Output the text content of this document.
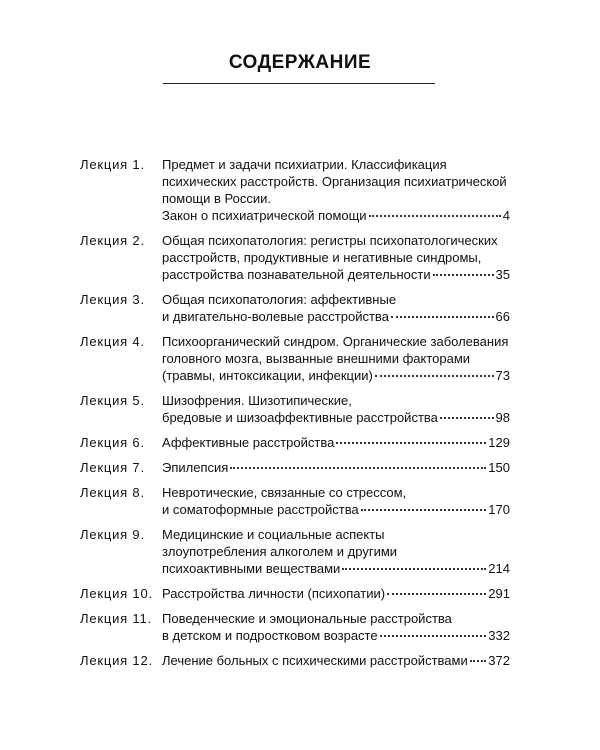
СОДЕРЖАНИЕ
Лекция 1.	Предмет и задачи психиатрии. Классификация
психических расстройств. Организация психиатрической
помощи в России.
Закон о психиатрической помощи	4
Лекция 2.	Общая психопатология: регистры психопатологических
расстройств, продуктивные и негативные синдромы,
расстройства познавательной деятельности	35
Лекция 3.	Общая психопатология: аффективные
и двигательно-волевые расстройства	66
Лекция 4.	Психоорганический синдром. Органические заболевания
головного мозга, вызванные внешними факторами
(травмы, интоксикации, инфекции)	73
Лекция 5.	Шизофрения. Шизотипические,
бредовые и шизоаффективные расстройства	98
Лекция 6.	Аффективные расстройства	129
Лекция 7.	Эпилепсия	150
Лекция 8.	Невротические, связанные со стрессом,
и соматоформные расстройства	170
Лекция 9.	Медицинские и социальные аспекты
злоупотребления алкоголем и другими
психоактивными веществами	214
Лекция 10. Расстройства личности (психопатии)	291
Лекция 11. Поведенческие и эмоциональные расстройства
в детском и подростковом возрасте	332
Лекция 12. Лечение больных с психическими расстройствами 372
